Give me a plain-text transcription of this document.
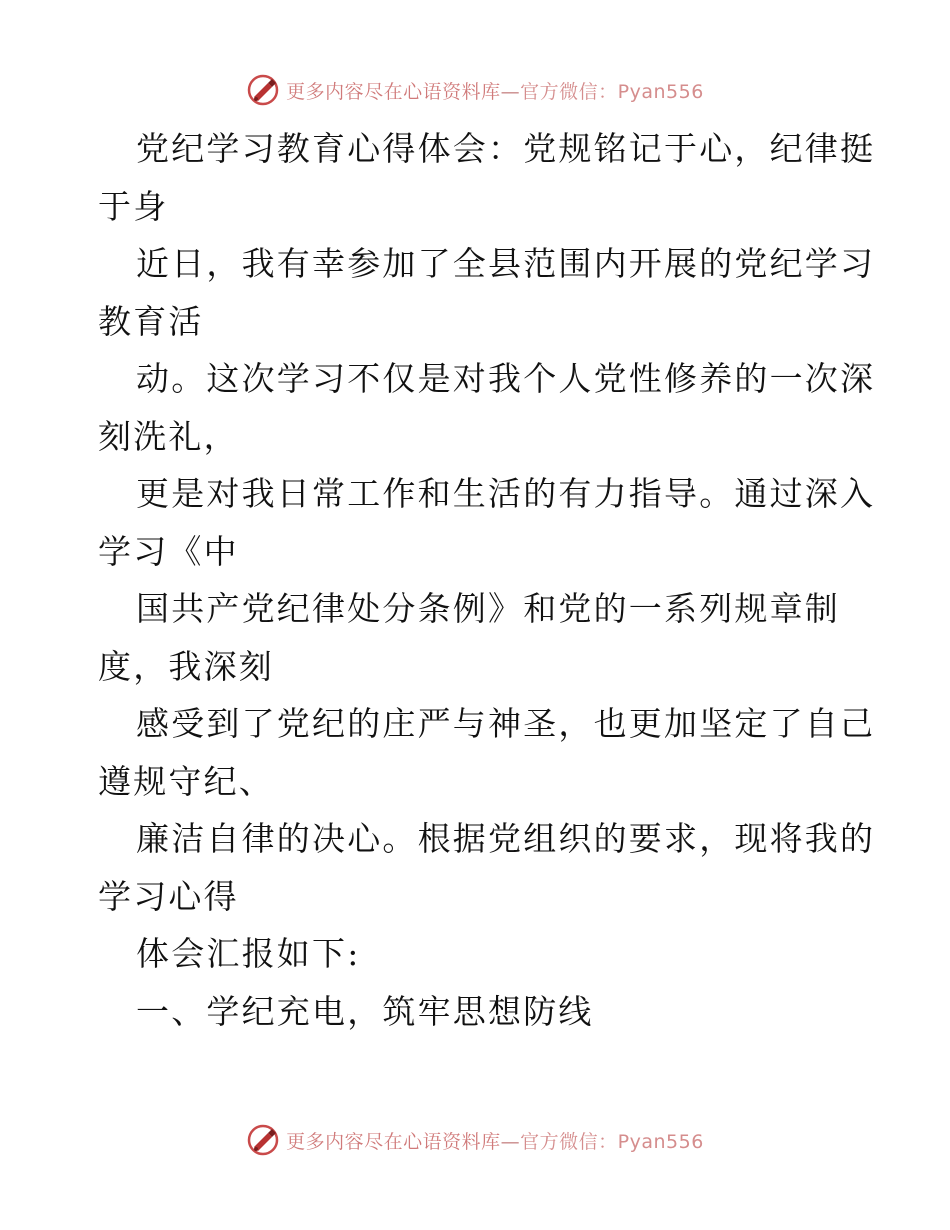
更多内容尽在心语资料库—官方微信：Pyan556
党纪学习教育心得体会：党规铭记于心，纪律挺
于身
近日，我有幸参加了全县范围内开展的党纪学习
教育活
动。这次学习不仅是对我个人党性修养的一次深
刻洗礼，
更是对我日常工作和生活的有力指导。通过深入
学习《中
国共产党纪律处分条例》和党的一系列规章制
度，我深刻
感受到了党纪的庄严与神圣，也更加坚定了自己
遵规守纪、
廉洁自律的决心。根据党组织的要求，现将我的
学习心得
体会汇报如下:
一、学纪充电，筑牢思想防线
更多内容尽在心语资料库—官方微信：Pyan556
